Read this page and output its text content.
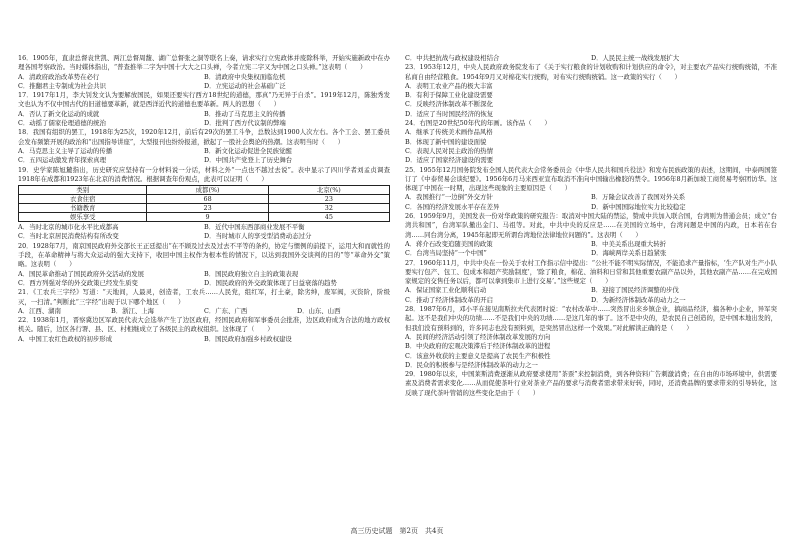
16．1905年，直隶总督袁世凯、两江总督周馥、湖广总督张之洞等联名上奏，请求实行立宪政体并废除科举，开始实施新政中在办理各国考察政治。当时媒体指出，“普查推举二字为中国十大大之口头禅，今者立宪二字又为中国之口头禅。”这表明（　　）

A．清政府政治改革势在必行	B．清政府中央集权面临危机
C．推翻君主专制成为社会共识	D．立宪运动的社会基础广泛

17．1917年1月，李大钊发文认为要解放国民，如果还要实行西方18世纪的道德，那真“乃无异于自杀”。1919年12月，陈独秀发文也认为不仅中国古代的旧道德要革新，就是西洋近代的道德也要革新。两人的思想（　　）

A．否认了新文化运动的成就	B．推动了马克思主义的传播
C．动摇了儒家伦理道德的统治	D．批判了西方代议制的弊端

18．我国有组织的罢工，1918年为25次，1920年12月，前后有29次的罢工斗争，总数达到1900人次左右。各个工会、罢工委员会发布频繁开展的政治和“出国指导讲座”，大型报刊也纷纷报道，掀起了一股社会舆论的热潮。这表明当时（　　）

A．马克思主义主导了运动的传播	B．新文化运动促进全民族觉醒
C．五四运动激发青年探索真理	D．中国共产党登上了历史舞台

19．史学家陈旭麓指出，历史研究应坚持有一分材料说一分话，材料之外“一点也不越过去说”。表中显示了四川学者刘孟贞调查1918年在成都和1923年在北京的消费情况。根据调查年份观点，此表可以证明（　　）

类别	成都(%)	北京(%)
衣食住宿	68	23
书籍教育	23	32
娱乐享受	9	45
A．当时北京的城市化水平比成都高	B．近代中国东西部商业发展不平衡
C．当时北京居民消费结构有所改变	D．当时城市人的享受型消费动态过分

20．1928年7月，南京国民政府外交部长王正廷提出“在不顾及过去及过去不平等的条约，协定与惯例的前提下，运用大和而就性的手段，在革命精神与将大众运动的强大支持下，收回中国主权作为根本性的情况下，以达到我国外交谈判的目的”等“革命外交”策略。这表明（　　）

A．国民革命推动了国民政府外交活动的发展	B．国民政府独立自主的政策表现
C．西方列强对华的外交政策已经发生质变	D．国民政府的外交政策体现了日益衰落的趋势

21．《工农兵三字经》写道：“天地间，人最灵，创造者，工农兵……人民党，组红军，打土豪，除劣绅，废军阀，灭资阶，阶级灭，一扫清。”判断此“三字经”出现于以下哪个地区（　　）

A．江西、湖南	B．浙江、上海	C．广东、广西	D．山东、山西

22．1938年1月，晋察冀边区军政民代表大会选举产生了边区政府，经国民政府和军事委员会批准，边区政府成为合法的地方政权机关。随后，边区各行署、县、区、村相继成立了各级民主的政权组织。这体现了（　　）

A．中国工农红色政权的初步形成	B．国民政府加强乡村政权建设
C．中共把抗战与政权建设相结合	D．人民民主统一战线发展扩大

23．1953年12月，中央人民政府政务院发布了《关于实行粮食的计划收购和计划供应的命令》，对主要农产品实行统购统销，不准私商自由经营粮食。1954年9月又对棉花实行统购，对布实行统购统销。这一政策的实行（　　）

A．表明工农业产品的极大丰富
B．有利于保障工业化建设需要
C．反映经济体制改革不断深化
D．适应了当时国民经济的恢复

24．右图是20世纪50年代的年画。该作品（　　）

A．继承了传统美术画作品风格
B．体现了新中国的建设面貌
C．表现人民对民主政治的热情
D．适应了国家经济建设的需要

25．1955年12月国务院发布全国人民代表大会常务委员会《中华人民共和国兵役法》和发布民族政策的表述，这期间，中泰两国签订了《中泰贸易会谈纪要》。1956年6月马来西亚宣布取消不准向中国输出橡胶的禁令。1956年8月新加坡工商贸易考察团访华。这体现了中国在一时期，出现这些现象的主要原因是（　　）

A．我国推行“一边倒”外交方针	B．万隆会议改善了我国对外关系
C．各国的经济发展水平存在差异	D．新中国国际地位实力比较稳定

26．1959年9月，美国发表一份对华政策的研究报告：取消对中国大陆的禁运，赞成中共加入联合国，台湾则为普通会员；成立“台湾共和国”，台湾军队撤出金门、马祖等。对此，中共中央的反应是……在美国的立场中，台湾问题是中国的内政，日本若在台湾……同台湾分离，1945年起即无所谓台湾地位法律地位问题的”。这表明（　　）

A．蒋介石改变追随美国的政策	B．中美关系出现重大转折
C．台湾当局坚持“一个中国”	D．海峡两岸关系日趋紧张

27．1960年11月，中共中央在一份关于农村工作指示信中提出：“公社不能不明实际情况，不能追求产量指标，‘生产队对生产小队要实行包产、包工、包成本和超产奖励制度’，‘除了粮食，棉花、油料和日常和其他重要农副产品以外，其他农副产品……在完成国家规定的交售任务以后，都可以拿到集市上进行交易’。”这些规定（　　）

A．保证国家工业化顺利启动	B．迎接了国民经济调整的步伐
C．推动了经济体制改革的开启	D．为新经济体制改革的动力之一

28．1987年6月，邓小平在接见南斯拉夫代表团时说：“农村改革中……突然冒出来乡镇企业，搞商品经济，搞各种小企业，异军突起。这不是我们中央的功绩……不是我们中央的功绩……是这几年的事了。这不是中央的，是农民自己创造的，是中国本地出发的，但我们没有预料到的，许多同志也没有预料到，是突然冒出这样一个效果。”对此解读正确的是（　　）

A．民间的经济活动引领了经济体制改革发展的方向
B．中央政府的宏观决策滞后于经济体制改革的进程
C．该意外收获的主要意义是提高了农民生产积极性
D．民众的积极参与是经济体制改革的动力之一

29．1980年以来，中国莱斯消费逐渐从政府要求使用“茶票”来控制消费，到各种资料广告刺激消费；在自由的市场环境中，供需要素及消费者需求变化……从而促使茶叶行业对茶业产品的要求与消费者需求带来好转，同时，还消费品牌的要求带来的引导转化，这反映了现代茶叶管销的这些变化是由于（　　）

高三历史试题　第2页　共4页
